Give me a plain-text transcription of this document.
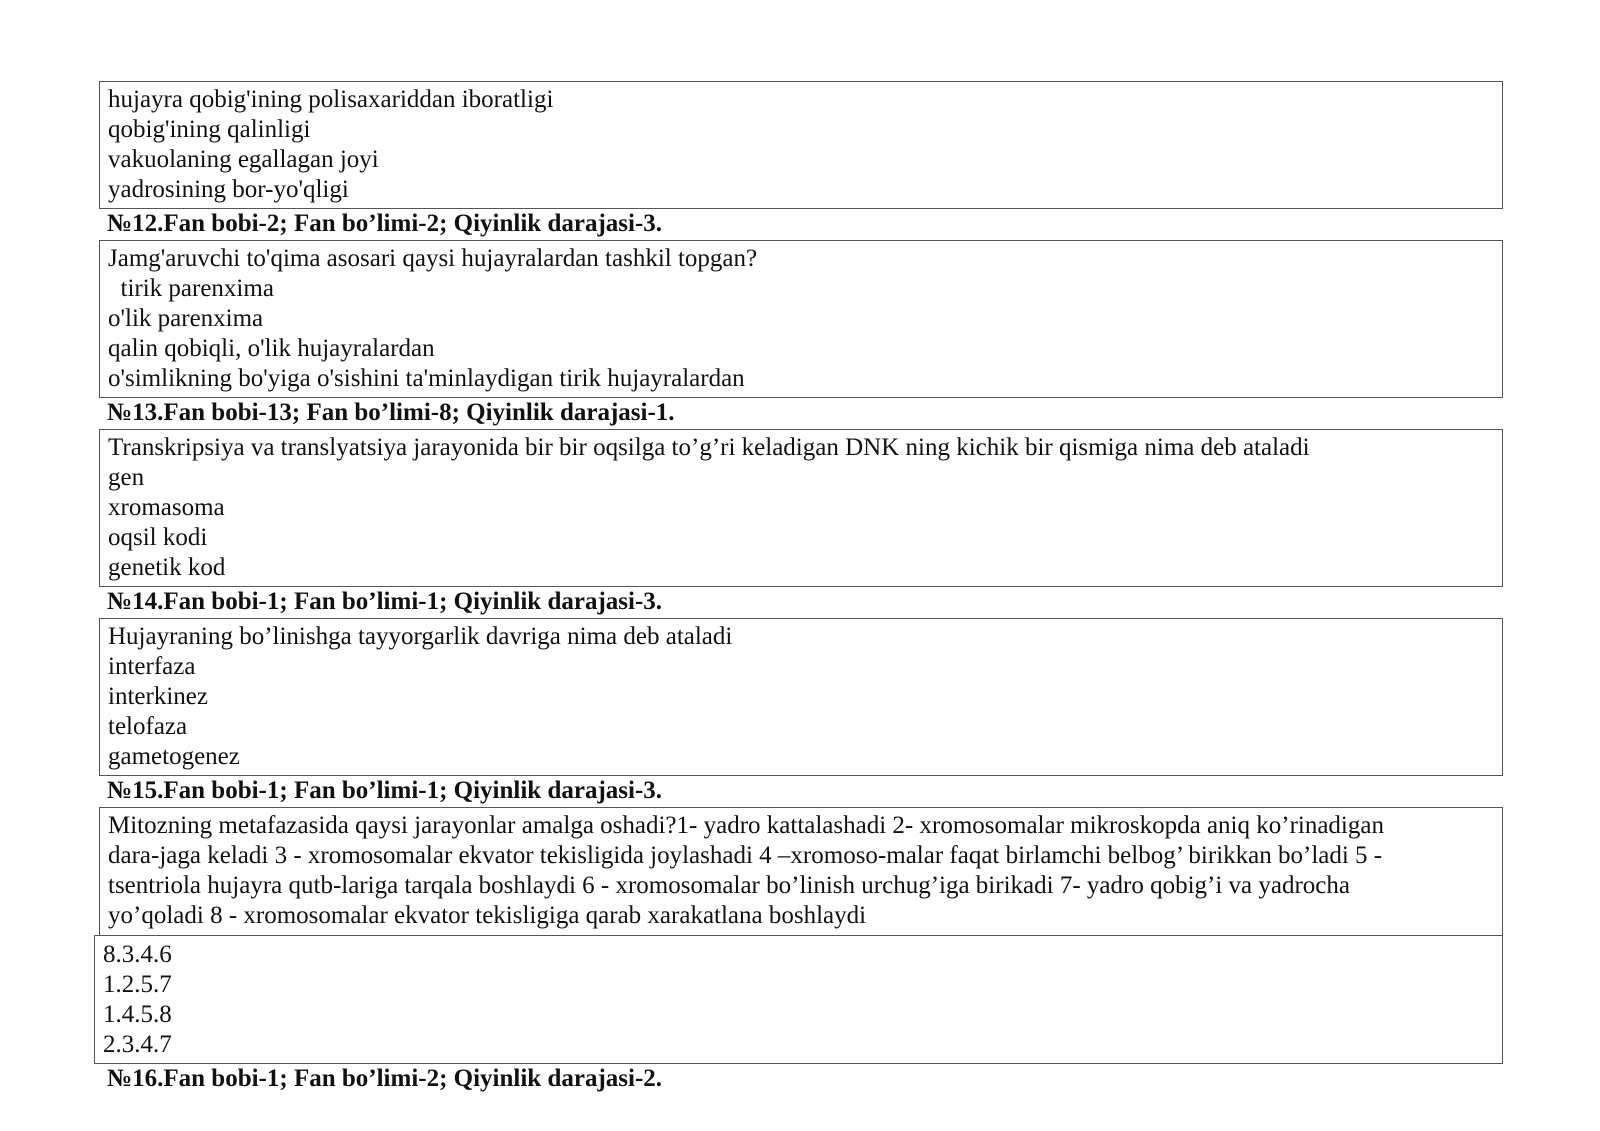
hujayra qobig'ining polisaxariddan iboratligi
qobig'ining qalinligi
vakuolaning egallagan joyi
yadrosining bor-yo'qligi
№12.Fan bobi-2; Fan bo’limi-2; Qiyinlik darajasi-3.
Jamg'aruvchi to'qima asosari qaysi hujayralardan tashkil topgan?
tirik parenxima
o'lik parenxima
qalin qobiqli, o'lik hujayralardan
o'simlikning bo'yiga o'sishini ta'minlaydigan tirik hujayralardan
№13.Fan bobi-13; Fan bo’limi-8; Qiyinlik darajasi-1.
Transkripsiya va translyatsiya jarayonida bir bir oqsilga to’g’ri keladigan DNK ning kichik bir qismiga nima deb ataladi
gen
xromasoma
oqsil kodi
genetik kod
№14.Fan bobi-1; Fan bo’limi-1; Qiyinlik darajasi-3.
Hujayraning bo’linishga tayyorgarlik davriga nima deb ataladi
interfaza
interkinez
telofaza
gametogenez
№15.Fan bobi-1; Fan bo’limi-1; Qiyinlik darajasi-3.
Mitozning metafazasida qaysi jarayonlar amalga oshadi?1- yadro kattalashadi 2- xromosomalar mikroskopda aniq ko’rinadigan
dara-jaga keladi 3 - xromosomalar ekvator tekisligida joylashadi 4 –xromoso-malar faqat birlamchi belbog’ birikkan bo’ladi 5 -
tsentriola hujayra qutb-lariga tarqala boshlaydi 6 - xromosomalar bo’linish urchug’iga birikadi 7- yadro qobig’i va yadrocha
yo’qoladi 8 - xromosomalar ekvator tekisligiga qarab xarakatlana boshlaydi
8.3.4.6
1.2.5.7
1.4.5.8
2.3.4.7
№16.Fan bobi-1; Fan bo’limi-2; Qiyinlik darajasi-2.
